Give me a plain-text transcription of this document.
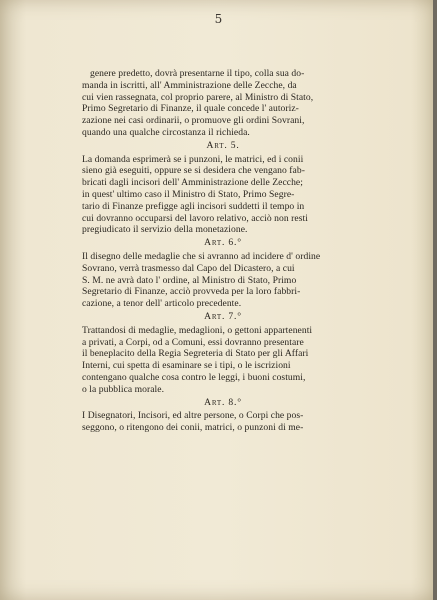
5
genere predetto, dovrà presentarne il tipo, colla sua do-
manda in iscritti, all' Amministrazione delle Zecche, da
cui vien rassegnata, col proprio parere, al Ministro di Stato,
Primo Segretario di Finanze, il quale concede l' autoriz-
zazione nei casi ordinarii, o promuove gli ordini Sovrani,
quando una qualche circostanza il richieda.
Art. 5.
La domanda esprimerà se i punzoni, le matrici, ed i conii
sieno già eseguiti, oppure se si desidera che vengano fab-
bricati dagli incisori dell' Amministrazione delle Zecche;
in quest' ultimo caso il Ministro di Stato, Primo Segre-
tario di Finanze prefigge agli incisori suddetti il tempo in
cui dovranno occuparsi del lavoro relativo, acciò non resti
pregiudicato il servizio della monetazione.
Art. 6.°
Il disegno delle medaglie che si avranno ad incidere d' ordine
Sovrano, verrà trasmesso dal Capo del Dicastero, a cui
S. M. ne avrà dato l' ordine, al Ministro di Stato, Primo
Segretario di Finanze, acciò provveda per la loro fabbri-
cazione, a tenor dell' articolo precedente.
Art. 7.°
Trattandosi di medaglie, medaglioni, o gettoni appartenenti
a privati, a Corpi, od a Comuni, essi dovranno presentare
il beneplacito della Regia Segreteria di Stato per gli Affari
Interni, cui spetta di esaminare se i tipi, o le iscrizioni
contengano qualche cosa contro le leggi, i buoni costumi,
o la pubblica morale.
Art. 8.°
I Disegnatori, Incisori, ed altre persone, o Corpi che pos-
seggono, o ritengono dei conii, matrici, o punzoni di me-
